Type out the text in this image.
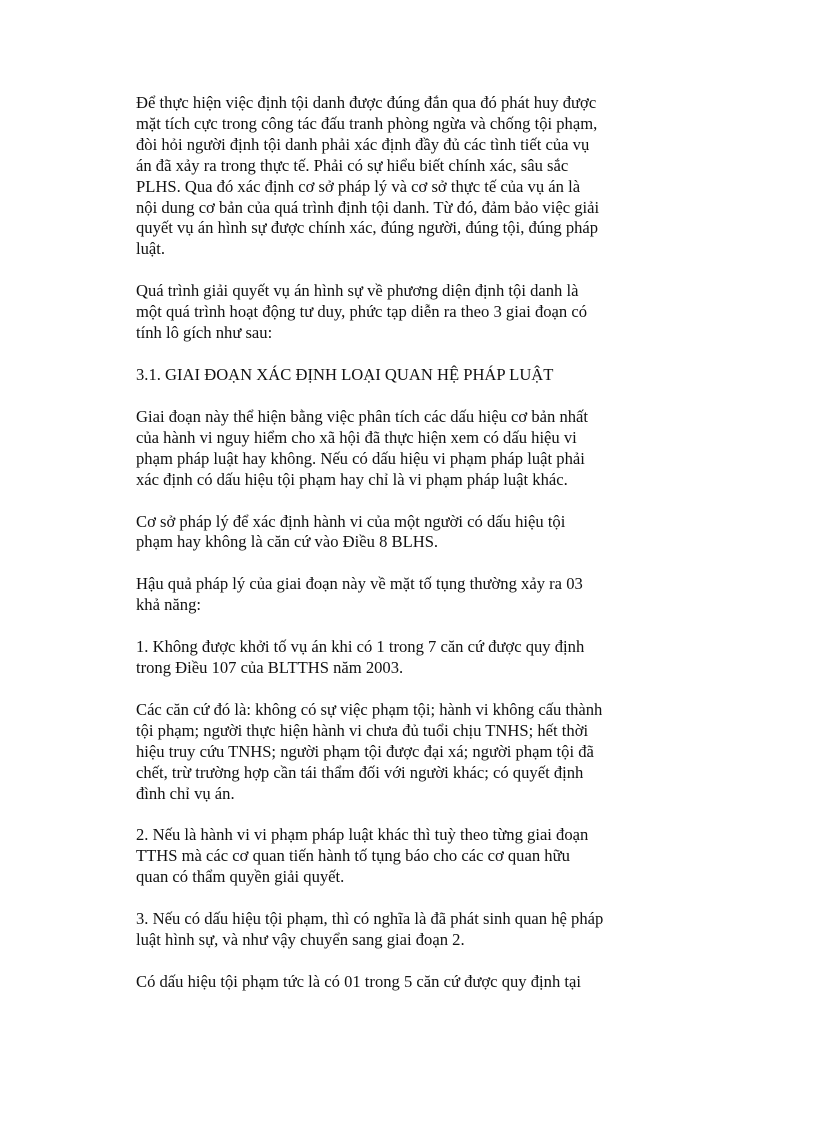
Để thực hiện việc định tội danh được đúng đắn qua đó phát huy được
mặt tích cực trong công tác đấu tranh phòng ngừa và chống tội phạm,
đòi hỏi người định tội danh phải xác định đầy đủ các tình tiết của vụ
án đã xảy ra trong thực tế. Phải có sự hiểu biết chính xác, sâu sắc
PLHS. Qua đó xác định cơ sở pháp lý và cơ sở thực tế của vụ án là
nội dung cơ bản của quá trình định tội danh. Từ đó, đảm bảo việc giải
quyết vụ án hình sự được chính xác, đúng người, đúng tội, đúng pháp
luật.

Quá trình giải quyết vụ án hình sự về phương diện định tội danh là
một quá trình hoạt động tư duy, phức tạp diễn ra theo 3 giai đoạn có
tính lô gích như sau:

3.1. GIAI ĐOẠN XÁC ĐỊNH LOẠI QUAN HỆ PHÁP LUẬT

Giai đoạn này thể hiện bằng việc phân tích các dấu hiệu cơ bản nhất
của hành vi nguy hiểm cho xã hội đã thực hiện xem có dấu hiệu vi
phạm pháp luật hay không. Nếu có dấu hiệu vi phạm pháp luật phải
xác định có dấu hiệu tội phạm hay chỉ là vi phạm pháp luật khác.

Cơ sở pháp lý để xác định hành vi của một người có dấu hiệu tội
phạm hay không là căn cứ vào Điều 8 BLHS.

Hậu quả pháp lý của giai đoạn này về mặt tố tụng thường xảy ra 03
khả năng:

1. Không được khởi tố vụ án khi có 1 trong 7 căn cứ được quy định
trong Điều 107 của BLTTHS năm 2003.

Các căn cứ đó là: không có sự việc phạm tội; hành vi không cấu thành
tội phạm; người thực hiện hành vi chưa đủ tuổi chịu TNHS; hết thời
hiệu truy cứu TNHS; người phạm tội được đại xá; người phạm tội đã
chết, trừ trường hợp cần tái thẩm đối với người khác; có quyết định
đình chỉ vụ án.

2. Nếu là hành vi vi phạm pháp luật khác thì tuỳ theo từng giai đoạn
TTHS mà các cơ quan tiến hành tố tụng báo cho các cơ quan hữu
quan có thẩm quyền giải quyết.

3. Nếu có dấu hiệu tội phạm, thì có nghĩa là đã phát sinh quan hệ pháp
luật hình sự, và như vậy chuyển sang giai đoạn 2.

Có dấu hiệu tội phạm tức là có 01 trong 5 căn cứ được quy định tại
